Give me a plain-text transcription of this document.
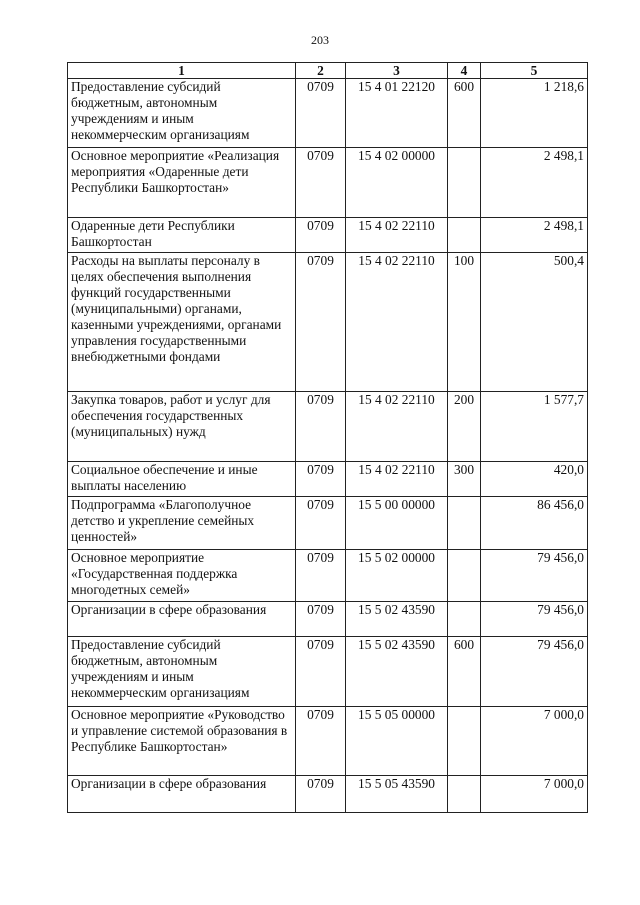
203
1	2	3	4	5
Предоставление субсидий бюджетным, автономным учреждениям и иным некоммерческим организациям	0709	15 4 01 22120	600	1 218,6
Основное мероприятие «Реализация мероприятия «Одаренные дети Республики Башкортостан»	0709	15 4 02 00000		2 498,1
Одаренные дети Республики Башкортостан	0709	15 4 02 22110		2 498,1
Расходы на выплаты персоналу в целях обеспечения выполнения функций государственными (муниципальными) органами, казенными учреждениями, органами управления государственными внебюджетными фондами	0709	15 4 02 22110	100	500,4
Закупка товаров, работ и услуг для обеспечения государственных (муниципальных) нужд	0709	15 4 02 22110	200	1 577,7
Социальное обеспечение и иные выплаты населению	0709	15 4 02 22110	300	420,0
Подпрограмма «Благополучное детство и укрепление семейных ценностей»	0709	15 5 00 00000		86 456,0
Основное мероприятие «Государственная поддержка многодетных семей»	0709	15 5 02 00000		79 456,0
Организации в сфере образования	0709	15 5 02 43590		79 456,0
Предоставление субсидий бюджетным, автономным учреждениям и иным некоммерческим организациям	0709	15 5 02 43590	600	79 456,0
Основное мероприятие «Руководство и управление системой образования в Республике Башкортостан»	0709	15 5 05 00000		7 000,0
Организации в сфере образования	0709	15 5 05 43590		7 000,0
